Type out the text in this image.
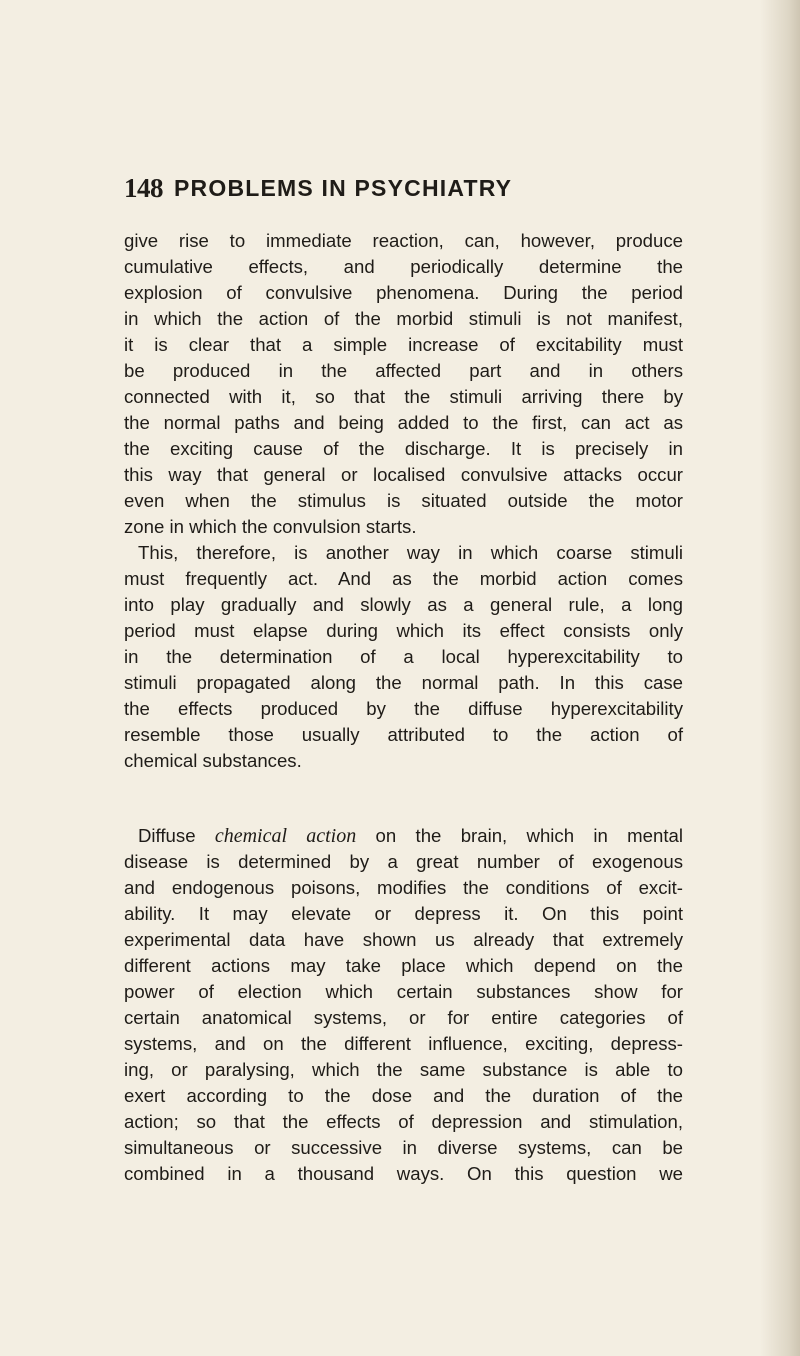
148 PROBLEMS IN PSYCHIATRY

give rise to immediate reaction, can, however, produce
cumulative effects, and periodically determine the
explosion of convulsive phenomena. During the period
in which the action of the morbid stimuli is not manifest,
it is clear that a simple increase of excitability must
be produced in the affected part and in others
connected with it, so that the stimuli arriving there by
the normal paths and being added to the first, can act as
the exciting cause of the discharge. It is precisely in
this way that general or localised convulsive attacks occur
even when the stimulus is situated outside the motor
zone in which the convulsion starts.

This, therefore, is another way in which coarse stimuli
must frequently act. And as the morbid action comes
into play gradually and slowly as a general rule, a long
period must elapse during which its effect consists only
in the determination of a local hyperexcitability to
stimuli propagated along the normal path. In this case
the effects produced by the diffuse hyperexcitability
resemble those usually attributed to the action of
chemical substances.

Diffuse chemical action on the brain, which in mental
disease is determined by a great number of exogenous
and endogenous poisons, modifies the conditions of excit-
ability. It may elevate or depress it. On this point
experimental data have shown us already that extremely
different actions may take place which depend on the
power of election which certain substances show for
certain anatomical systems, or for entire categories of
systems, and on the different influence, exciting, depress-
ing, or paralysing, which the same substance is able to
exert according to the dose and the duration of the
action; so that the effects of depression and stimulation,
simultaneous or successive in diverse systems, can be
combined in a thousand ways. On this question we
